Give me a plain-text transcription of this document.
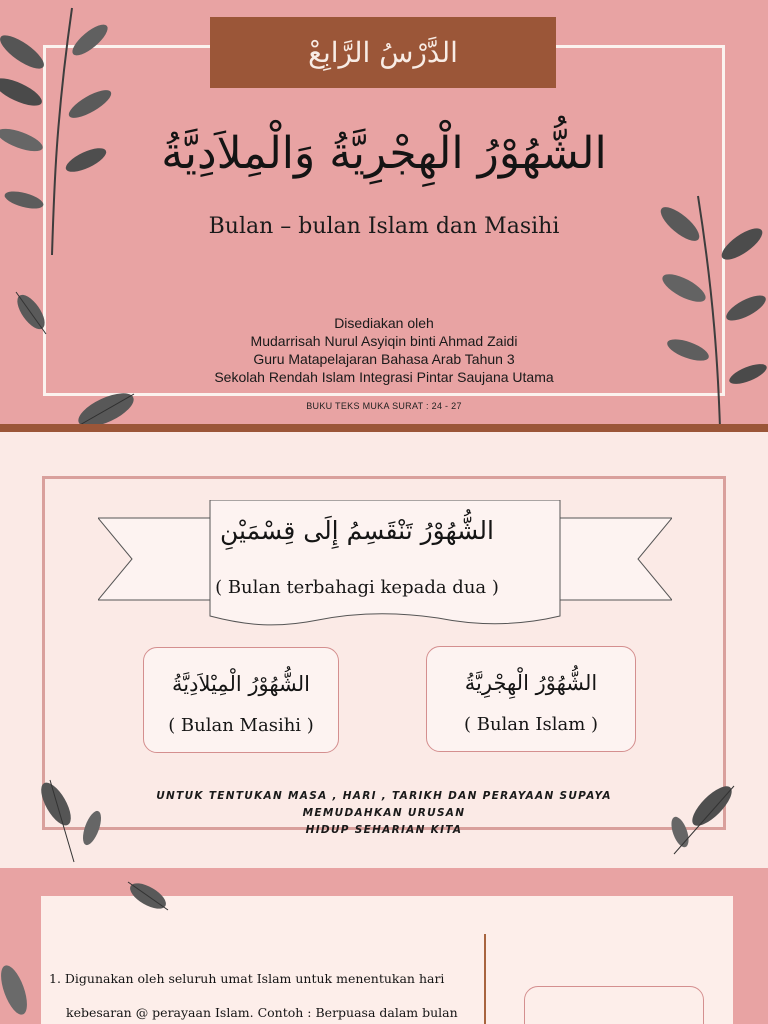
الدَّرْسُ الرَّابِعْ
الشُّهُوْرُ الْهِجْرِيَّةُ وَالْمِلاَدِيَّةُ
Bulan – bulan Islam dan Masihi
Disediakan oleh
Mudarrisah Nurul Asyiqin binti Ahmad Zaidi
Guru Matapelajaran Bahasa Arab Tahun 3
Sekolah Rendah Islam Integrasi Pintar Saujana Utama
BUKU TEKS MUKA SURAT : 24 - 27
الشُّهُوْرُ تَنْقَسِمُ إِلَى قِسْمَيْنِ
( Bulan terbahagi kepada dua )
الشُّهُوْرُ الْمِيْلاَدِيَّةُ
( Bulan Masihi )
الشُّهُوْرُ الْهِجْرِيَّةُ
( Bulan Islam )
UNTUK TENTUKAN MASA , HARI , TARIKH DAN PERAYAAN SUPAYA MEMUDAHKAN URUSAN
HIDUP SEHARIAN KITA
1. Digunakan oleh seluruh umat Islam untuk menentukan hari
kebesaran @ perayaan Islam. Contoh : Berpuasa dalam bulan
